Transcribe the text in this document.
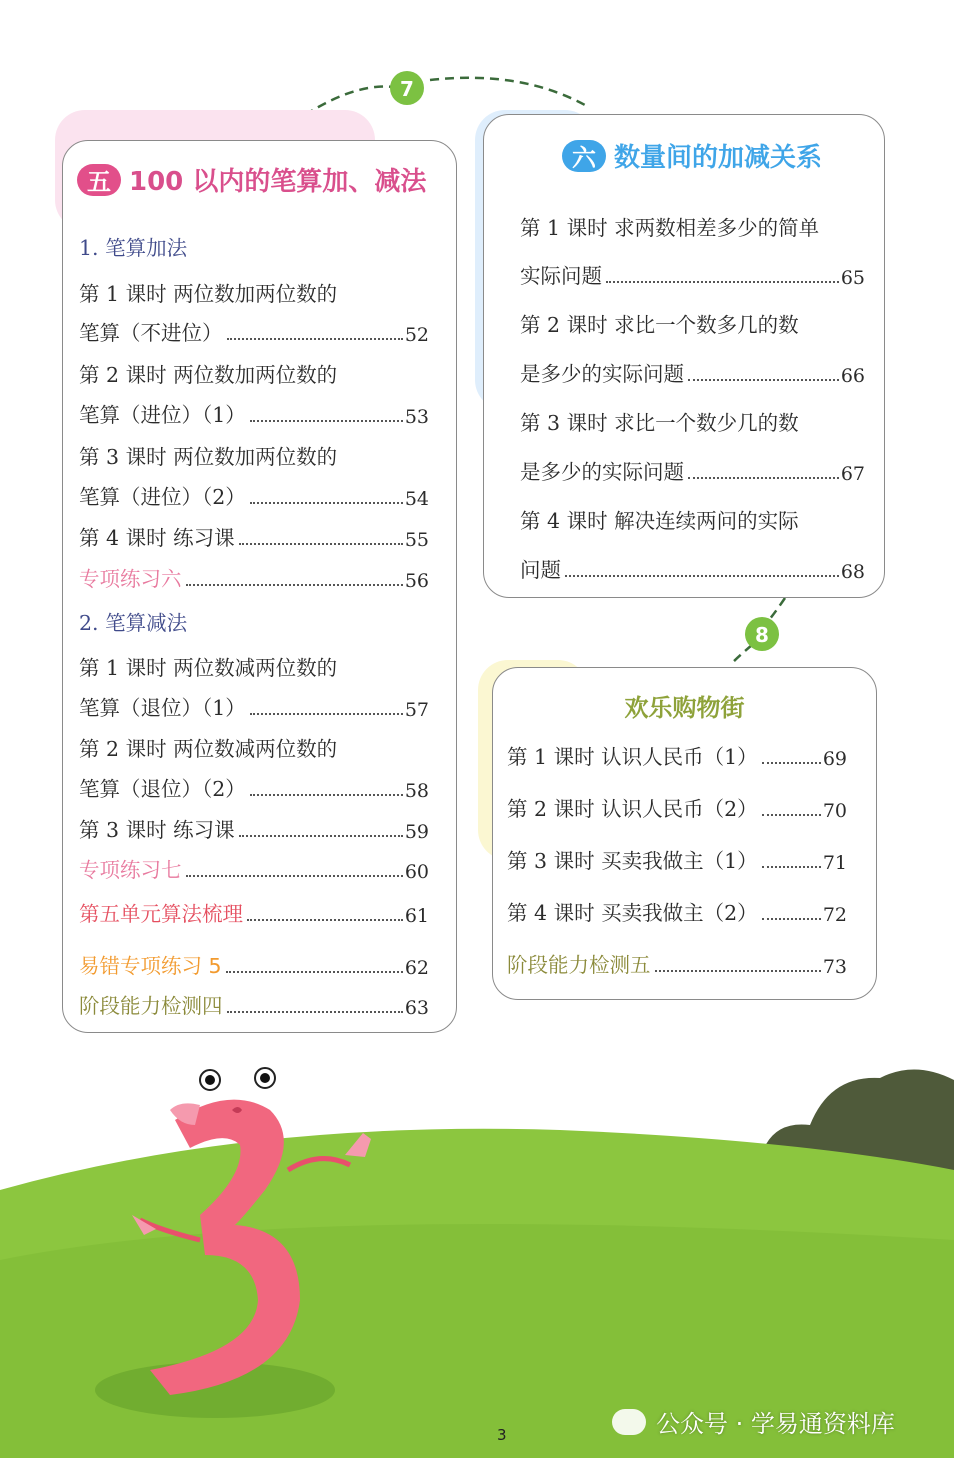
7
8
五 100 以内的笔算加、减法
1. 笔算加法
第 1 课时 两位数加两位数的
笔算（不进位）	52
第 2 课时 两位数加两位数的
笔算（进位）（1）	53
第 3 课时 两位数加两位数的
笔算（进位）（2）	54
第 4 课时 练习课	55
专项练习六	56
2. 笔算减法
第 1 课时 两位数减两位数的
笔算（退位）（1）	57
第 2 课时 两位数减两位数的
笔算（退位）（2）	58
第 3 课时 练习课	59
专项练习七	60
第五单元算法梳理	61
易错专项练习 5	62
阶段能力检测四	63
六 数量间的加减关系
第 1 课时 求两数相差多少的简单
实际问题	65
第 2 课时 求比一个数多几的数
是多少的实际问题	66
第 3 课时 求比一个数少几的数
是多少的实际问题	67
第 4 课时 解决连续两问的实际
问题	68
欢乐购物街
第 1 课时 认识人民币（1）	69
第 2 课时 认识人民币（2）	70
第 3 课时 买卖我做主（1）	71
第 4 课时 买卖我做主（2）	72
阶段能力检测五	73
公众号 · 学易通资料库
3
